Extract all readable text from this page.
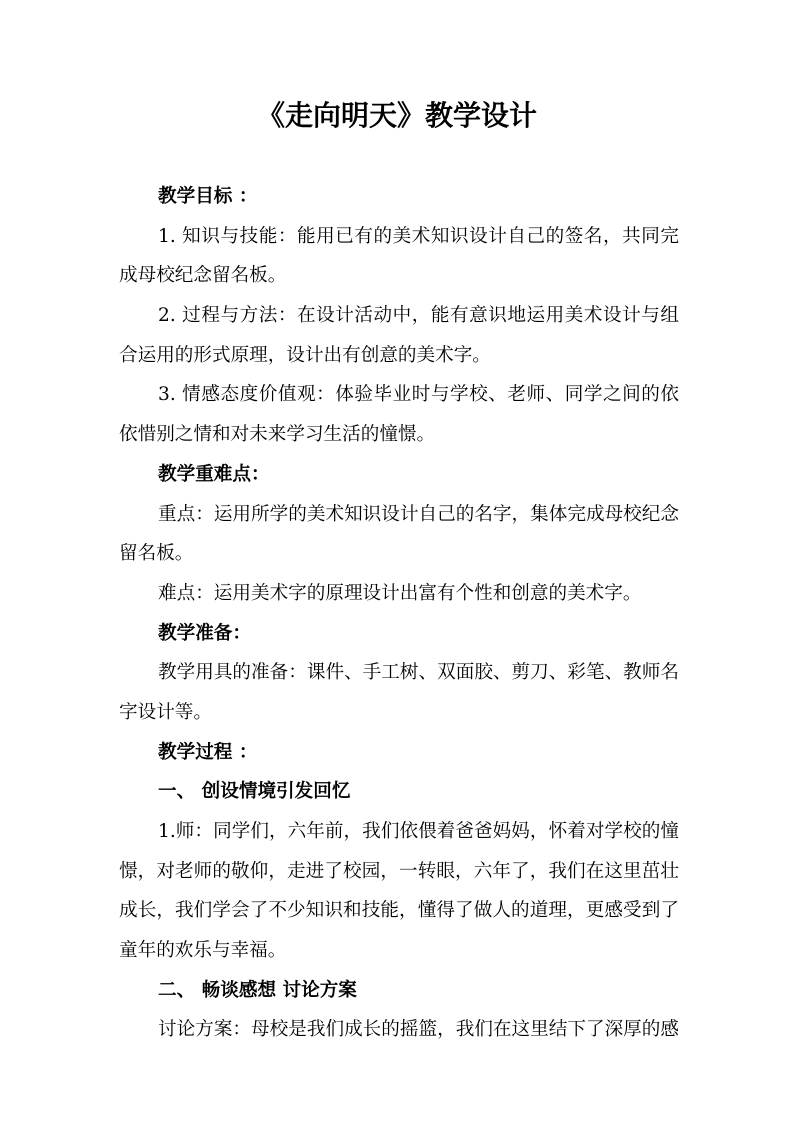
《走向明天》教学设计
教学目标 ：
1. 知识与技能：能用已有的美术知识设计自己的签名，共同完
成母校纪念留名板。
2. 过程与方法：在设计活动中，能有意识地运用美术设计与组
合运用的形式原理，设计出有创意的美术字。
3. 情感态度价值观：体验毕业时与学校、老师、同学之间的依
依惜别之情和对未来学习生活的憧憬。
教学重难点：
重点：运用所学的美术知识设计自己的名字，集体完成母校纪念
留名板。
难点：运用美术字的原理设计出富有个性和创意的美术字。
教学准备：
教学用具的准备：课件、手工树、双面胶、剪刀、彩笔、教师名
字设计等。
教学过程 ：
一、 创设情境引发回忆
1.师：同学们，六年前，我们依偎着爸爸妈妈，怀着对学校的憧
憬，对老师的敬仰，走进了校园，一转眼，六年了，我们在这里茁壮
成长，我们学会了不少知识和技能，懂得了做人的道理，更感受到了
童年的欢乐与幸福。
二、 畅谈感想 讨论方案
讨论方案：母校是我们成长的摇篮，我们在这里结下了深厚的感
